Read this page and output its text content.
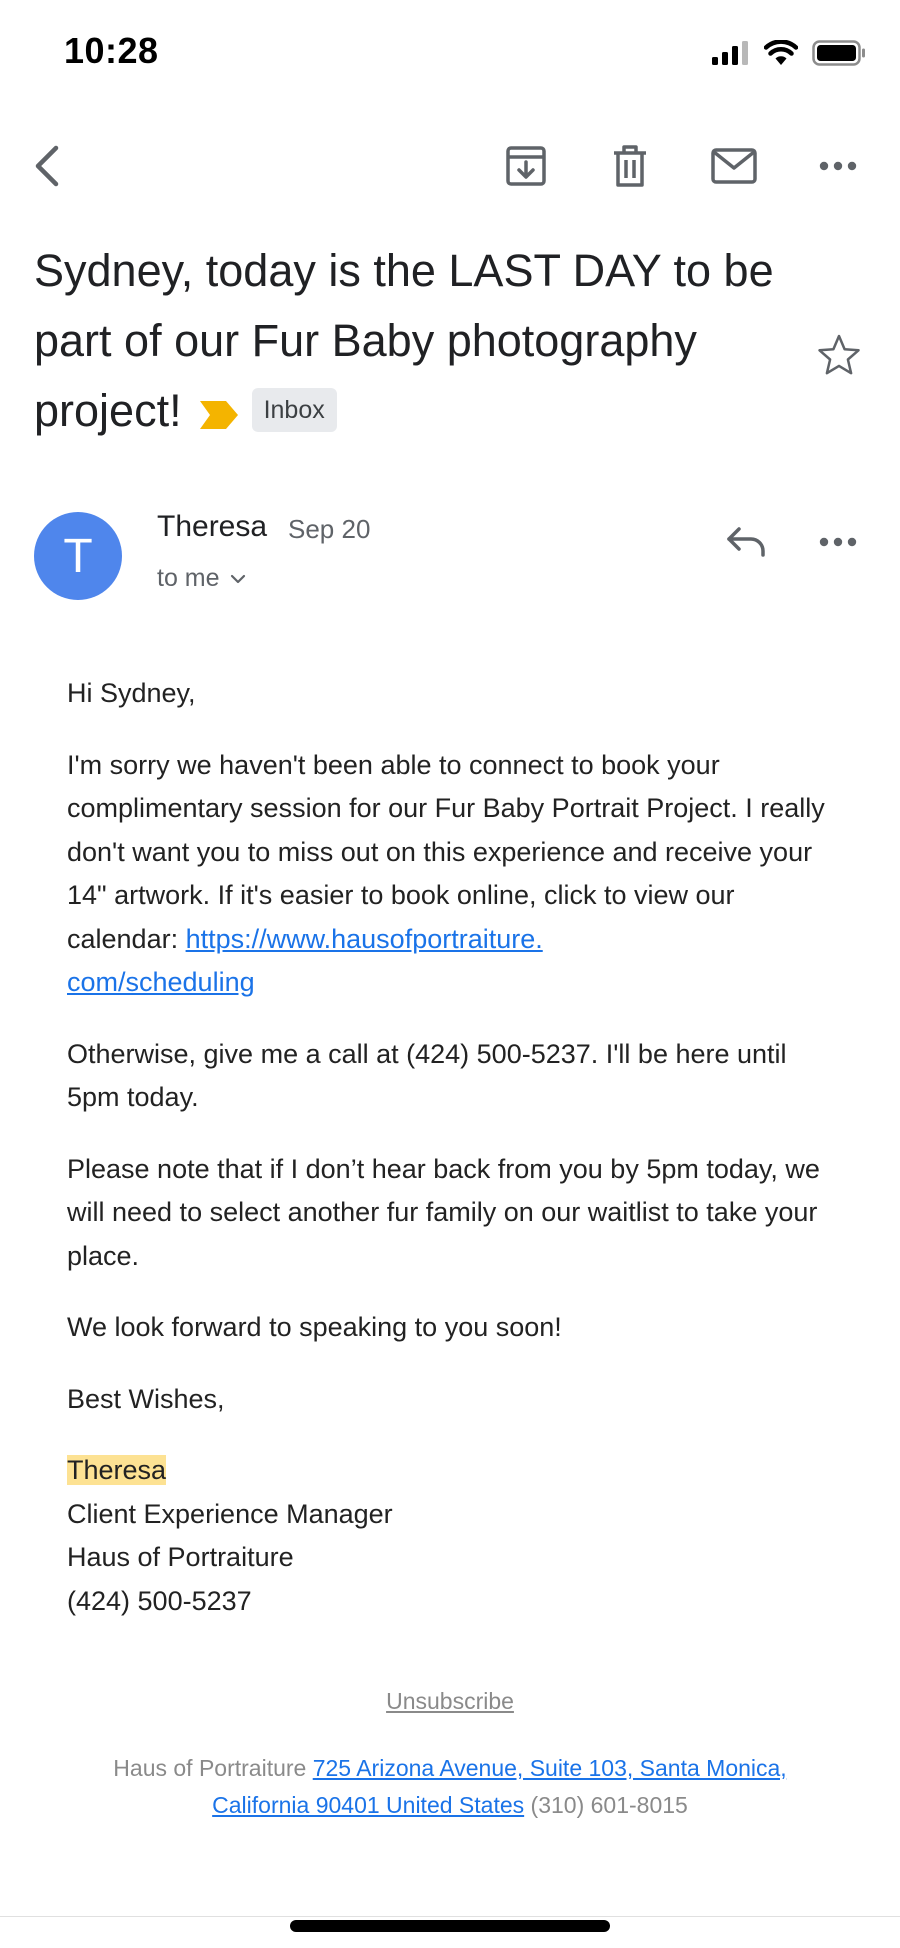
10:28
Sydney, today is the LAST DAY to be part of our Fur Baby photography project!	Inbox
T
Theresa Sep 20
to me

Hi Sydney,

I'm sorry we haven't been able to connect to book your complimentary session for our Fur Baby Portrait Project. I really don't want you to miss out on this experience and receive your 14" artwork. If it's easier to book online, click to view our calendar: https://www.hausofportraiture.
com/scheduling

Otherwise, give me a call at (424) 500-5237. I'll be here until 5pm today.

Please note that if I don’t hear back from you by 5pm today, we will need to select another fur family on our waitlist to take your place.

We look forward to speaking to you soon!

Best Wishes,

Theresa
Client Experience Manager
Haus of Portraiture
(424) 500-5237

Unsubscribe
Haus of Portraiture 725 Arizona Avenue, Suite 103, Santa Monica,
California 90401 United States (310) 601-8015
